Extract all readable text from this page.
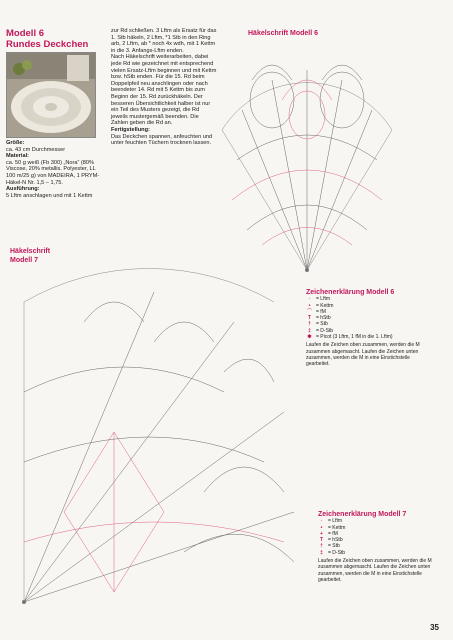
Modell 6
Rundes Deckchen
Größe:
ca. 43 cm Durchmesser
Material:
ca. 50 g weiß (Fb 300) „Nora“ (80% Viscose, 20% metallis. Polyester, LL 100 m/25 g) von MADEIRA, 1 PRYM-Häkel-N Nr. 1,5 – 1,75.
Ausführung:
5 Lftm anschlagen und mit 1 Kettm
zur Rd schließen. 3 Lftm als Ersatz für das 1. Stb häkeln, 2 Lftm, *1 Stb in den Ring arb, 2 Lftm, ab * noch 4x wdh, mit 1 Kettm in die 3. Anfangs-Lftm enden.
Nach Häkelschrift weiterarbeiten, dabei jede Rd wie gezeichnet mit entsprechend vielen Ersatz-Lftm beginnen und mit Kettm bzw. hStb enden. Für die 15. Rd beim Doppelpfeil neu anschlingen oder nach beendeter 14. Rd mit 5 Kettm bis zum Beginn der 15. Rd zurückhäkeln. Der besseren Übersichtlichkeit halber ist nur ein Teil des Musters gezeigt, die Rd jeweils mustergemäß beenden. Die Zahlen geben die Rd an.
Fertigstellung:
Das Deckchen spannen, anfeuchten und unter feuchten Tüchern trocknen lassen.
Häkelschrift Modell 6
Häkelschrift
Modell 7
Zeichenerklärung Modell 6
◦	= Lftm
•	= Kettm
⌒ = fM
T = hStb
†	= Stb
‡	= D-Stb
✽ = Picot (3 Lftm, 1 fM in die 1. Lftm)

Laufen die Zeichen oben zusammen, werden die M zusammen abgemascht. Laufen die Zeichen unten zusammen, werden die M in eine Einstichstelle gearbeitet.

Zeichenerklärung Modell 7
◦	= Lftm
•	= Kettm
+	= fM
T = hStb
†	= Stb
‡	= D-Stb

Laufen die Zeichen oben zusammen, werden die M zusammen abgemascht. Laufen die Zeichen unten zusammen, werden die M in eine Einstichstelle gearbeitet.

35
